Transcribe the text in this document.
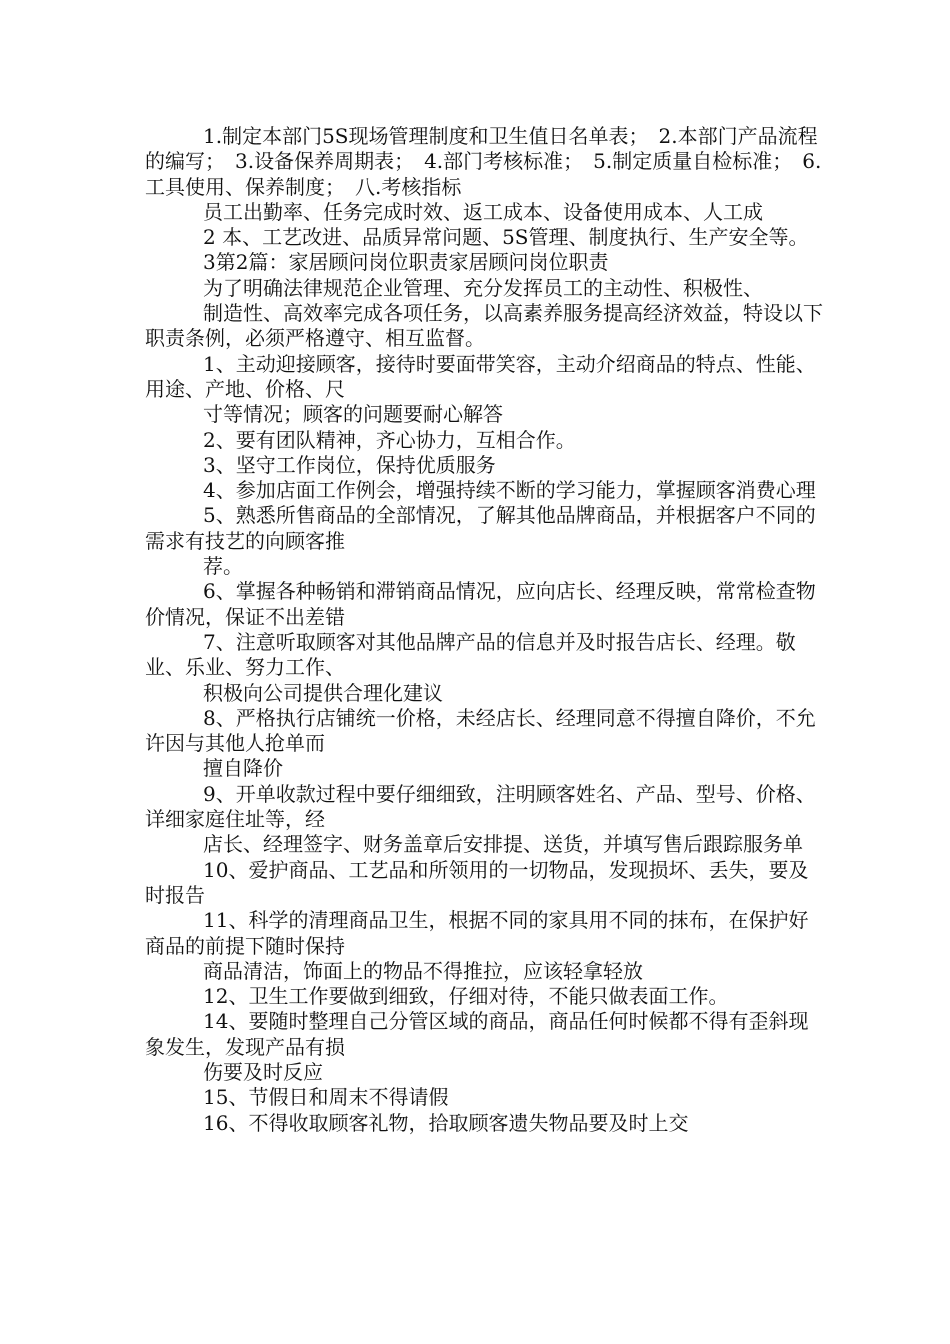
1.制定本部门5S现场管理制度和卫生值日名单表；　2.本部门产品流程的编写；　3.设备保养周期表；　4.部门考核标准；　5.制定质量自检标准；　6.工具使用、保养制度；　八.考核指标

员工出勤率、任务完成时效、返工成本、设备使用成本、人工成

2 本、工艺改进、品质异常问题、5S管理、制度执行、生产安全等。

3第2篇：家居顾问岗位职责家居顾问岗位职责

为了明确法律规范企业管理、充分发挥员工的主动性、积极性、

制造性、高效率完成各项任务，以高素养服务提高经济效益，特设以下职责条例，必须严格遵守、相互监督。

1、主动迎接顾客，接待时要面带笑容，主动介绍商品的特点、性能、用途、产地、价格、尺

寸等情况；顾客的问题要耐心解答

2、要有团队精神，齐心协力，互相合作。

3、坚守工作岗位，保持优质服务

4、参加店面工作例会，增强持续不断的学习能力，掌握顾客消费心理

5、熟悉所售商品的全部情况，了解其他品牌商品，并根据客户不同的需求有技艺的向顾客推

荐。

6、掌握各种畅销和滞销商品情况，应向店长、经理反映，常常检查物价情况，保证不出差错

7、注意听取顾客对其他品牌产品的信息并及时报告店长、经理。敬业、乐业、努力工作、

积极向公司提供合理化建议

8、严格执行店铺统一价格，未经店长、经理同意不得擅自降价，不允许因与其他人抢单而

擅自降价

9、开单收款过程中要仔细细致，注明顾客姓名、产品、型号、价格、详细家庭住址等，经

店长、经理签字、财务盖章后安排提、送货，并填写售后跟踪服务单

10、爱护商品、工艺品和所领用的一切物品，发现损坏、丢失，要及时报告

11、科学的清理商品卫生，根据不同的家具用不同的抹布，在保护好商品的前提下随时保持

商品清洁，饰面上的物品不得推拉，应该轻拿轻放

12、卫生工作要做到细致，仔细对待，不能只做表面工作。

14、要随时整理自己分管区域的商品，商品任何时候都不得有歪斜现象发生，发现产品有损

伤要及时反应

15、节假日和周末不得请假

16、不得收取顾客礼物，拾取顾客遗失物品要及时上交
